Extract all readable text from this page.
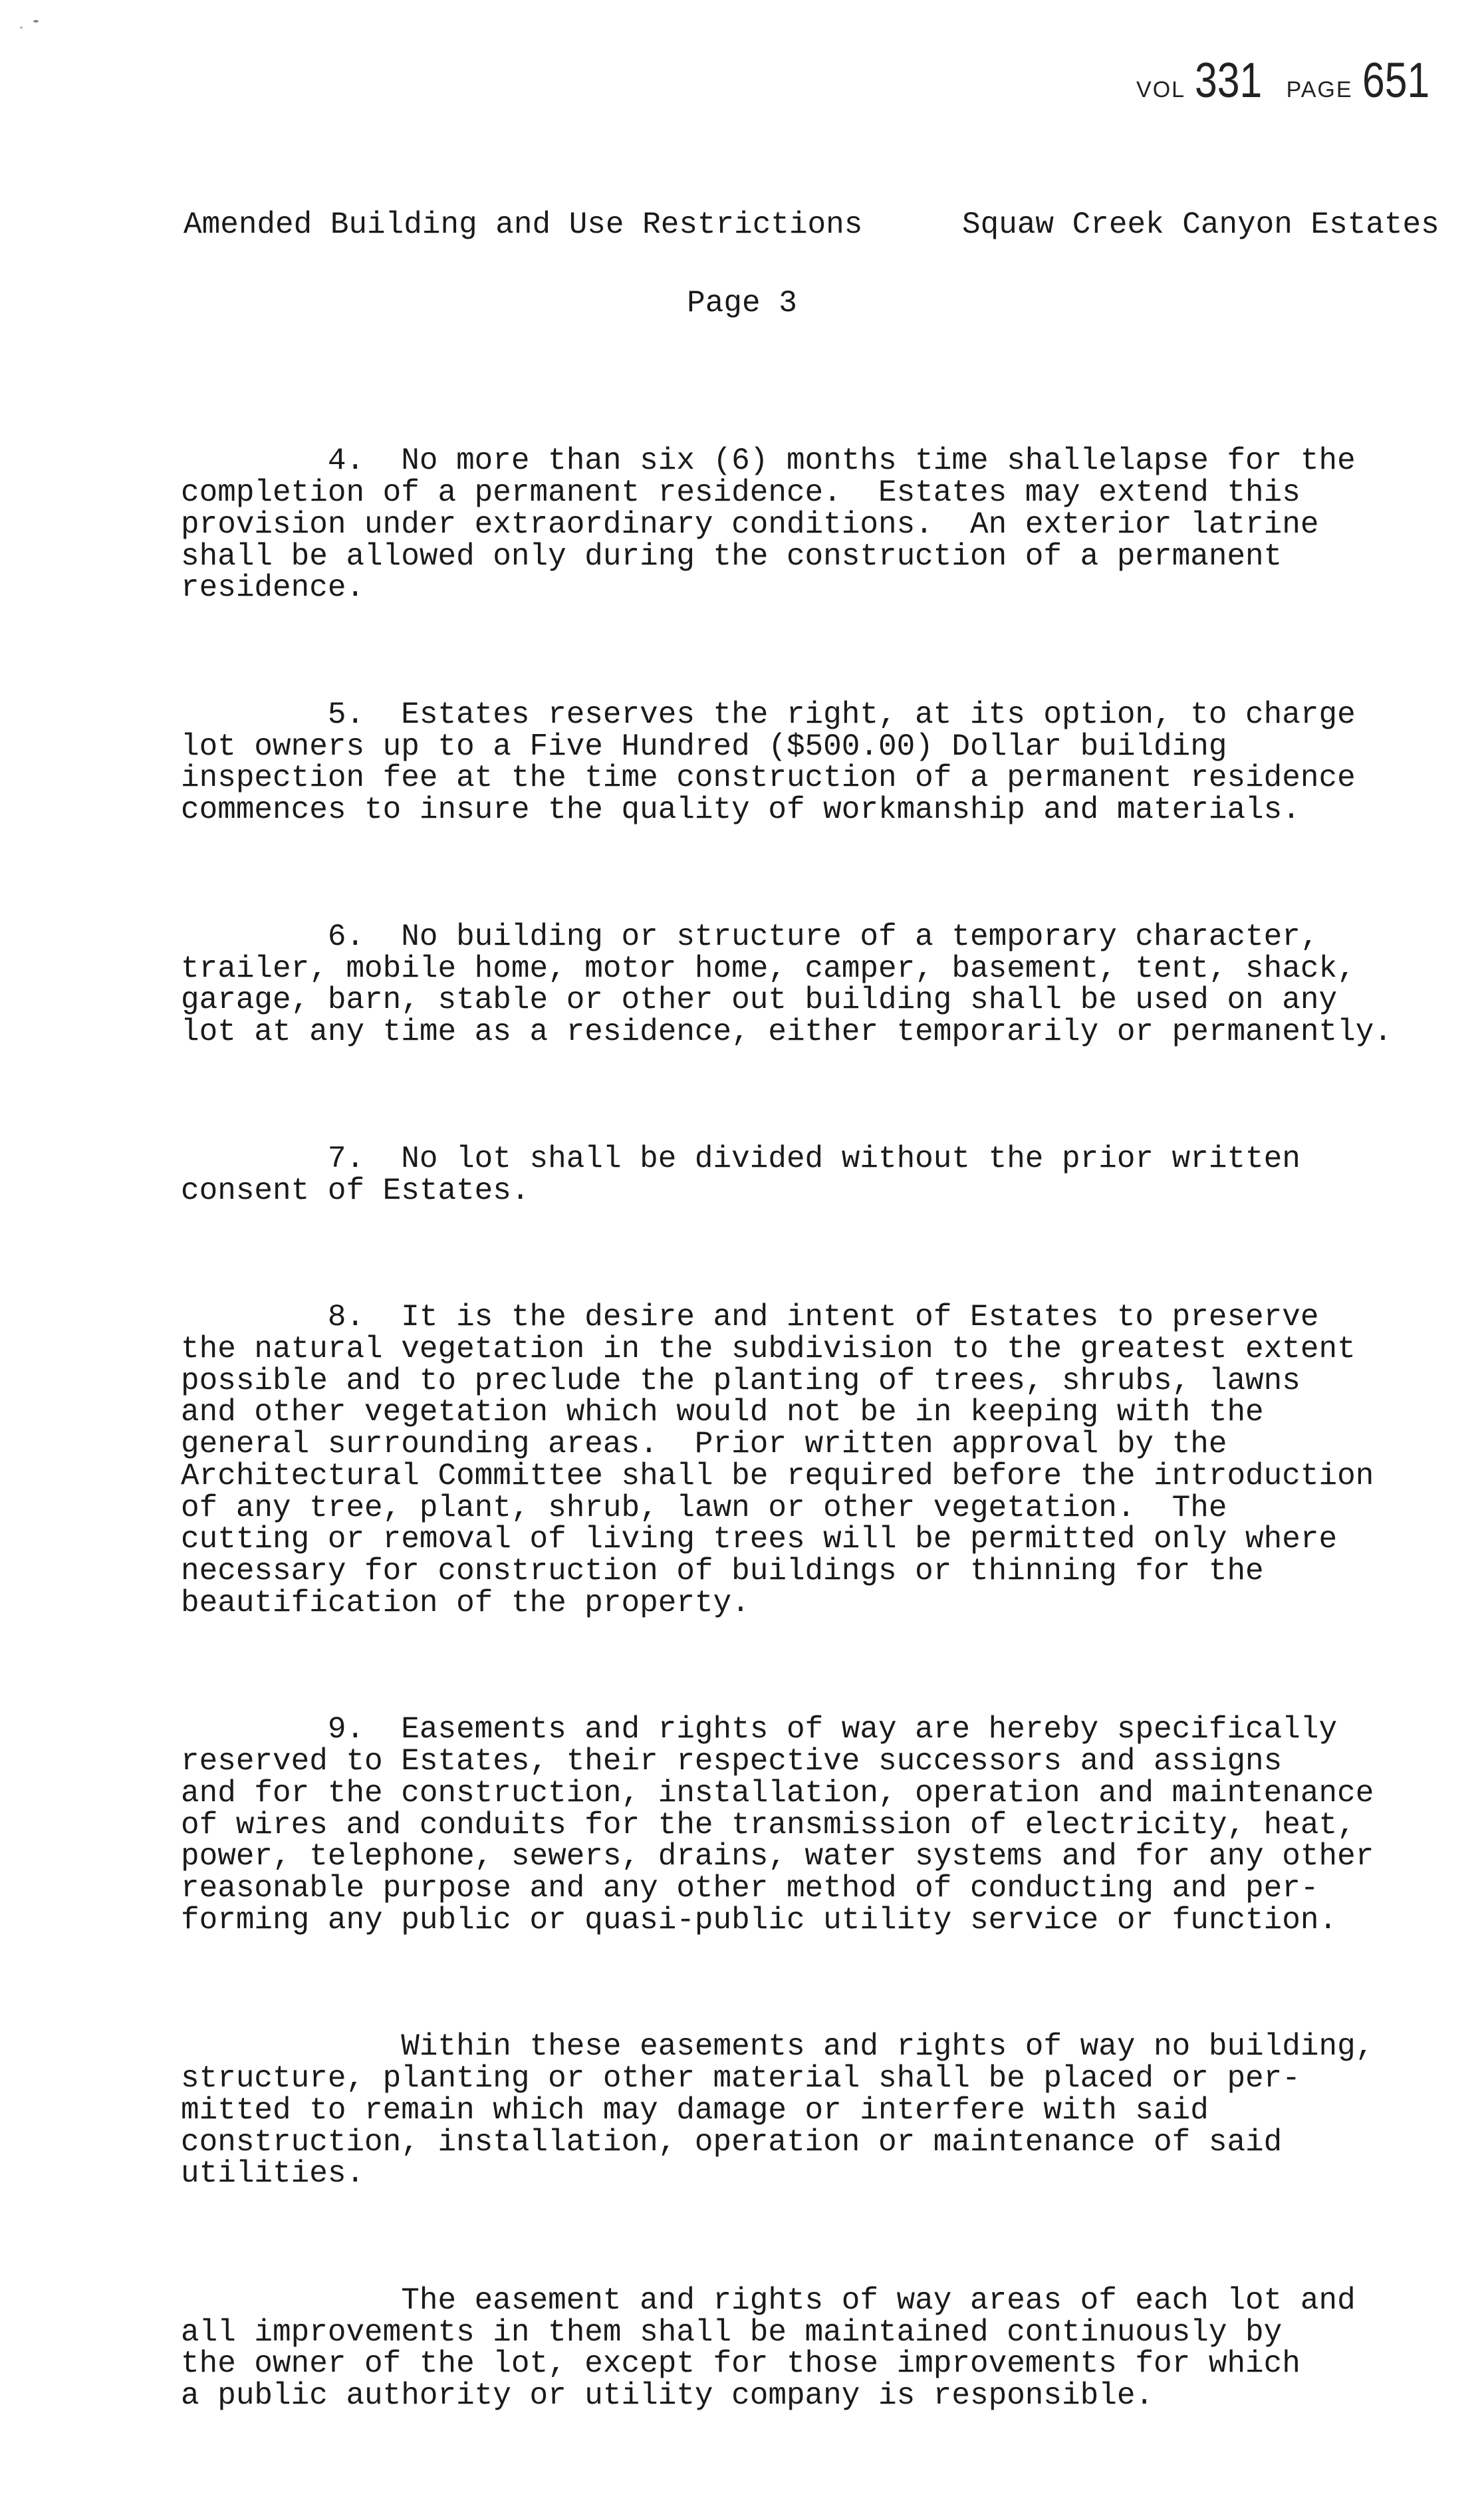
VOL 331 PAGE 651
Amended Building and Use Restrictions	Squaw Creek Canyon Estates
Page 3

4.  No more than six (6) months time shallelapse for the
completion of a permanent residence.  Estates may extend this
provision under extraordinary conditions.  An exterior latrine
shall be allowed only during the construction of a permanent
residence.

5.  Estates reserves the right, at its option, to charge
lot owners up to a Five Hundred ($500.00) Dollar building
inspection fee at the time construction of a permanent residence
commences to insure the quality of workmanship and materials.

6.  No building or structure of a temporary character,
trailer, mobile home, motor home, camper, basement, tent, shack,
garage, barn, stable or other out building shall be used on any
lot at any time as a residence, either temporarily or permanently.

7.  No lot shall be divided without the prior written
consent of Estates.

8.  It is the desire and intent of Estates to preserve
the natural vegetation in the subdivision to the greatest extent
possible and to preclude the planting of trees, shrubs, lawns
and other vegetation which would not be in keeping with the
general surrounding areas.  Prior written approval by the
Architectural Committee shall be required before the introduction
of any tree, plant, shrub, lawn or other vegetation.  The
cutting or removal of living trees will be permitted only where
necessary for construction of buildings or thinning for the
beautification of the property.

9.  Easements and rights of way are hereby specifically
reserved to Estates, their respective successors and assigns
and for the construction, installation, operation and maintenance
of wires and conduits for the transmission of electricity, heat,
power, telephone, sewers, drains, water systems and for any other
reasonable purpose and any other method of conducting and per-
forming any public or quasi-public utility service or function.

Within these easements and rights of way no building,
structure, planting or other material shall be placed or per-
mitted to remain which may damage or interfere with said
construction, installation, operation or maintenance of said
utilities.

The easement and rights of way areas of each lot and
all improvements in them shall be maintained continuously by
the owner of the lot, except for those improvements for which
a public authority or utility company is responsible.
